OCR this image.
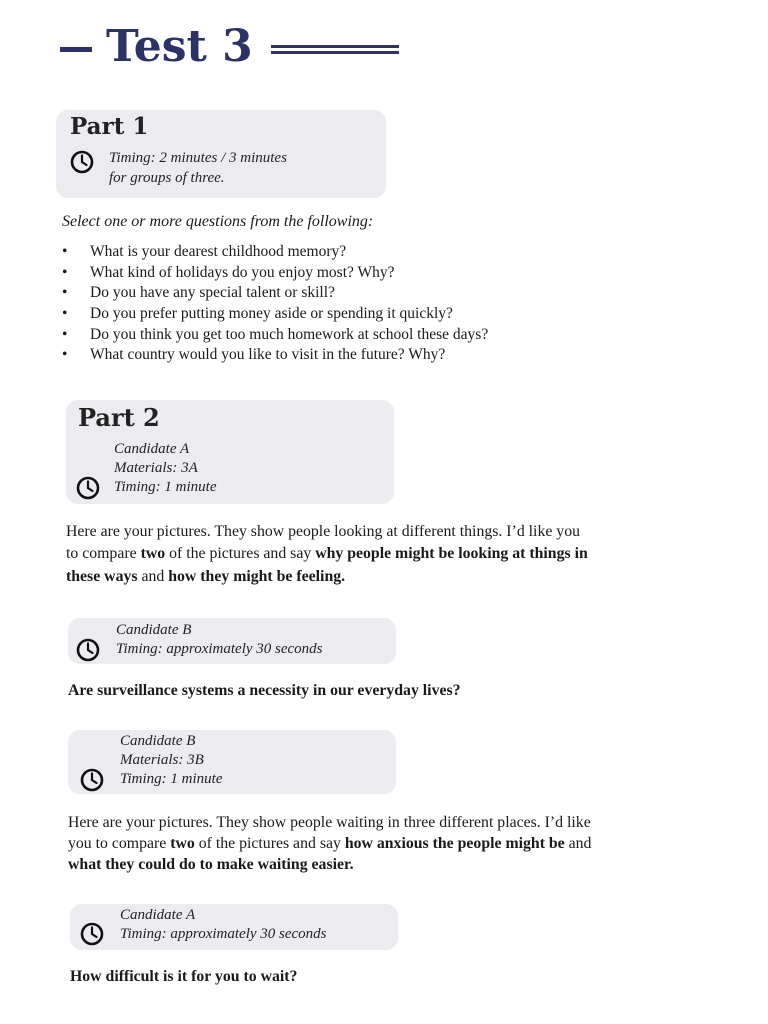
Test 3
Part 1
Timing: 2 minutes / 3 minutes
for groups of three.
Select one or more questions from the following:
• What is your dearest childhood memory?
• What kind of holidays do you enjoy most? Why?
• Do you have any special talent or skill?
• Do you prefer putting money aside or spending it quickly?
• Do you think you get too much homework at school these days?
• What country would you like to visit in the future? Why?
Part 2
Candidate A
Materials: 3A
Timing: 1 minute
Here are your pictures. They show people looking at different things. I’d like you
to compare two of the pictures and say why people might be looking at things in
these ways and how they might be feeling.
Candidate B
Timing: approximately 30 seconds
Are surveillance systems a necessity in our everyday lives?
Candidate B
Materials: 3B
Timing: 1 minute
Here are your pictures. They show people waiting in three different places. I’d like
you to compare two of the pictures and say how anxious the people might be and
what they could do to make waiting easier.
Candidate A
Timing: approximately 30 seconds
How difficult is it for you to wait?
